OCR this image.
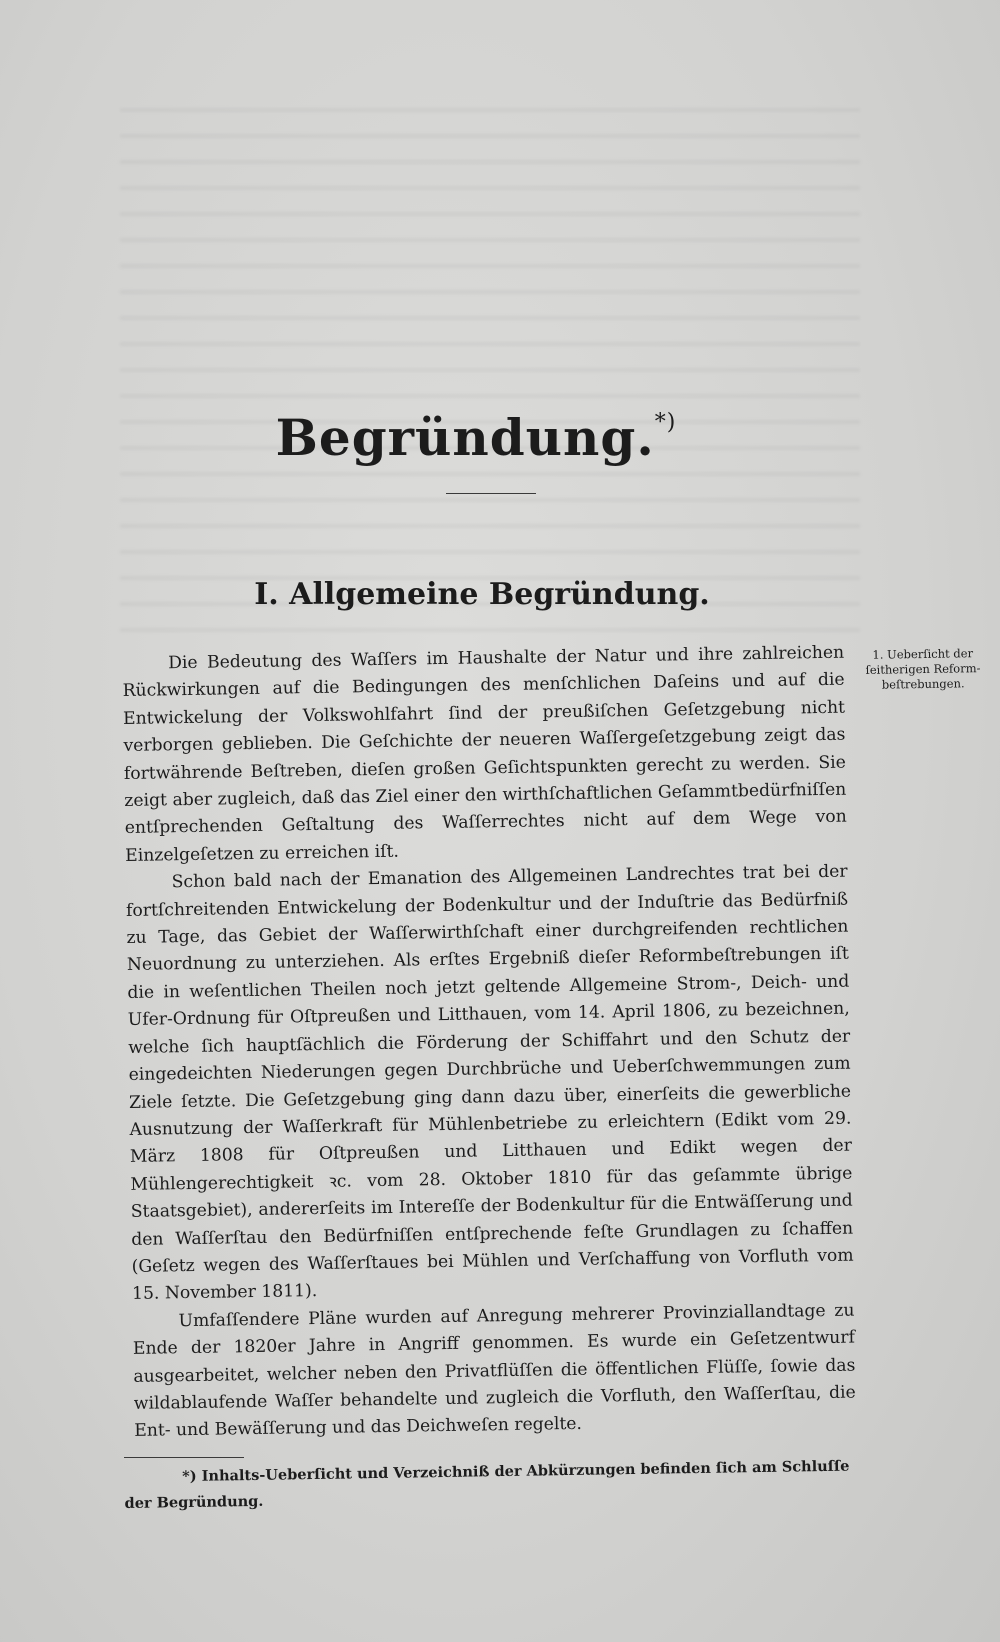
Begründung.*)
I. Allgemeine Begründung.
1. Ueberſicht der ſeitherigen Reform-beſtrebungen.

Die Bedeutung des Waſſers im Haushalte der Natur und ihre zahlreichen Rückwirkungen auf die Bedingungen des menſchlichen Daſeins und auf die Entwickelung der Volkswohlfahrt ſind der preußiſchen Geſetzgebung nicht verborgen geblieben. Die Geſchichte der neueren Waſſergeſetzgebung zeigt das fortwährende Beſtreben, dieſen großen Geſichtspunkten gerecht zu werden. Sie zeigt aber zugleich, daß das Ziel einer den wirthſchaftlichen Geſammtbedürfniſſen entſprechenden Geſtaltung des Waſſerrechtes nicht auf dem Wege von Einzelgeſetzen zu erreichen iſt.

Schon bald nach der Emanation des Allgemeinen Landrechtes trat bei der fortſchreitenden Entwickelung der Bodenkultur und der Induſtrie das Bedürfniß zu Tage, das Gebiet der Waſſerwirthſchaft einer durchgreifenden rechtlichen Neuordnung zu unterziehen. Als erſtes Ergebniß dieſer Reformbeſtrebungen iſt die in weſentlichen Theilen noch jetzt geltende Allgemeine Strom-, Deich- und Ufer-Ordnung für Oſtpreußen und Litthauen, vom 14. April 1806, zu bezeichnen, welche ſich hauptſächlich die Förderung der Schiffahrt und den Schutz der eingedeichten Niederungen gegen Durchbrüche und Ueberſchwemmungen zum Ziele ſetzte. Die Geſetzgebung ging dann dazu über, einerſeits die gewerbliche Ausnutzung der Waſſerkraft für Mühlenbetriebe zu erleichtern (Edikt vom 29. März 1808 für Oſtpreußen und Litthauen und Edikt wegen der Mühlengerechtigkeit ꝛc. vom 28. Oktober 1810 für das geſammte übrige Staatsgebiet), andererſeits im Intereſſe der Bodenkultur für die Entwäſſerung und den Waſſerſtau den Bedürfniſſen entſprechende feſte Grundlagen zu ſchaffen (Geſetz wegen des Waſſerſtaues bei Mühlen und Verſchaffung von Vorfluth vom 15. November 1811).

Umfaſſendere Pläne wurden auf Anregung mehrerer Provinziallandtage zu Ende der 1820er Jahre in Angriff genommen. Es wurde ein Geſetzentwurf ausgearbeitet, welcher neben den Privatflüſſen die öffentlichen Flüſſe, ſowie das wildablaufende Waſſer behandelte und zugleich die Vorfluth, den Waſſerſtau, die Ent- und Bewäſſerung und das Deichweſen regelte.

*) Inhalts-Ueberſicht und Verzeichniß der Abkürzungen befinden ſich am Schluſſe der Begründung.
